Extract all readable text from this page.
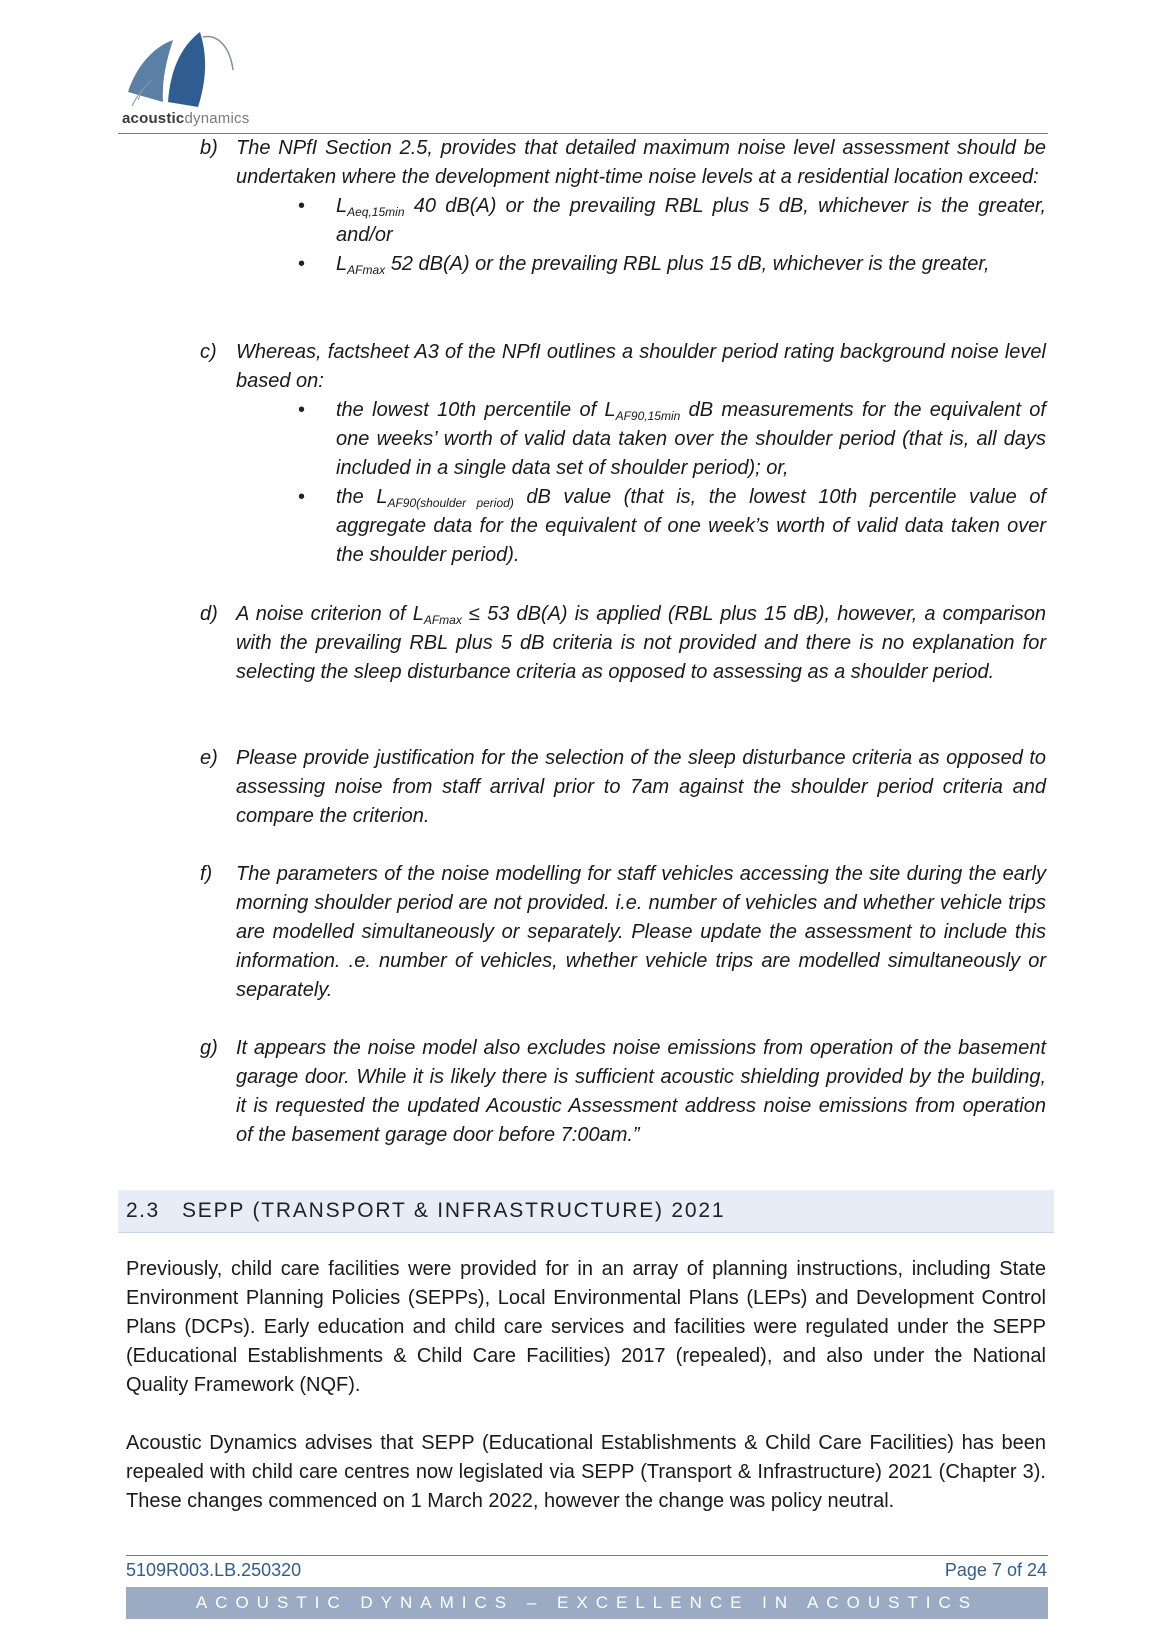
acousticdynamics
b) The NPfI Section 2.5, provides that detailed maximum noise level assessment should be undertaken where the development night-time noise levels at a residential location exceed:
• $L_{Aeq,15min}$ 40 dB(A) or the prevailing RBL plus 5 dB, whichever is the greater, and/or
• $L_{AFmax}$ 52 dB(A) or the prevailing RBL plus 15 dB, whichever is the greater,
c) Whereas, factsheet A3 of the NPfI outlines a shoulder period rating background noise level based on:
• the lowest 10th percentile of $L_{AF90,15min}$ dB measurements for the equivalent of one weeks’ worth of valid data taken over the shoulder period (that is, all days included in a single data set of shoulder period); or,
• the $L_{AF90(shoulder period)}$ dB value (that is, the lowest 10th percentile value of aggregate data for the equivalent of one week’s worth of valid data taken over the shoulder period).
d) A noise criterion of $L_{AFmax} \le 53$ dB(A) is applied (RBL plus 15 dB), however, a comparison with the prevailing RBL plus 5 dB criteria is not provided and there is no explanation for selecting the sleep disturbance criteria as opposed to assessing as a shoulder period.
e) Please provide justification for the selection of the sleep disturbance criteria as opposed to assessing noise from staff arrival prior to 7am against the shoulder period criteria and compare the criterion.
f) The parameters of the noise modelling for staff vehicles accessing the site during the early morning shoulder period are not provided. i.e. number of vehicles and whether vehicle trips are modelled simultaneously or separately. Please update the assessment to include this information. .e. number of vehicles, whether vehicle trips are modelled simultaneously or separately.
g) It appears the noise model also excludes noise emissions from operation of the basement garage door. While it is likely there is sufficient acoustic shielding provided by the building, it is requested the updated Acoustic Assessment address noise emissions from operation of the basement garage door before 7:00am.”
2.3 SEPP (TRANSPORT & INFRASTRUCTURE) 2021
Previously, child care facilities were provided for in an array of planning instructions, including State Environment Planning Policies (SEPPs), Local Environmental Plans (LEPs) and Development Control Plans (DCPs). Early education and child care services and facilities were regulated under the SEPP (Educational Establishments & Child Care Facilities) 2017 (repealed), and also under the National Quality Framework (NQF).
Acoustic Dynamics advises that SEPP (Educational Establishments & Child Care Facilities) has been repealed with child care centres now legislated via SEPP (Transport & Infrastructure) 2021 (Chapter 3). These changes commenced on 1 March 2022, however the change was policy neutral.
5109R003.LB.250320	Page 7 of 24
ACOUSTIC DYNAMICS – EXCELLENCE IN ACOUSTICS
